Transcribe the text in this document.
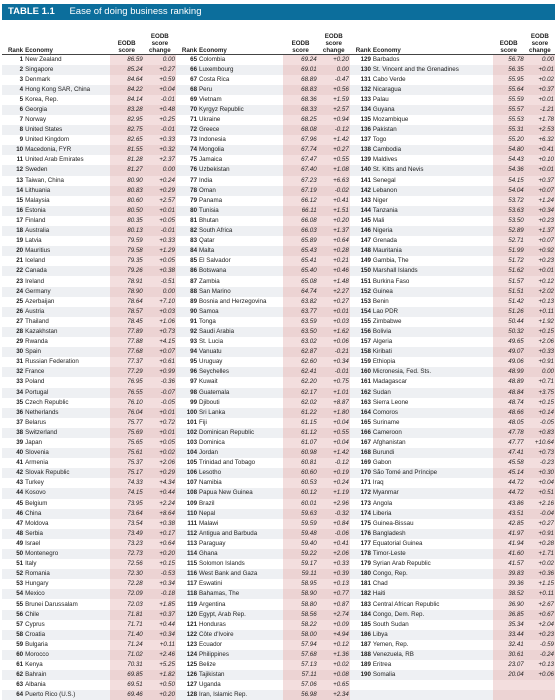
TABLE 1.1 Ease of doing business ranking
Rank	Economy	EODB score	EODB score change	Rank	Economy	EODB score	EODB score change	Rank	Economy	EODB score	EODB score change
1	New Zealand	86.59	0.00	65	Colombia	69.24	+0.20	129	Barbados	56.78	0.00
2	Singapore	85.24	+0.27	66	Luxembourg	69.01	0.00	130	St. Vincent and the Grenadines	56.35	+0.01
3	Denmark	84.64	+0.59	67	Costa Rica	68.89	-0.47	131	Cabo Verde	55.95	+0.02
4	Hong Kong SAR, China	84.22	+0.04	68	Peru	68.83	+0.56	132	Nicaragua	55.64	+0.37
5	Korea, Rep.	84.14	-0.01	69	Vietnam	68.36	+1.59	133	Palau	55.59	+0.01
6	Georgia	83.28	+0.48	70	Kyrgyz Republic	68.33	+2.57	134	Guyana	55.57	-1.21
7	Norway	82.95	+0.25	71	Ukraine	68.25	+0.94	135	Mozambique	55.53	+1.78
8	United States	82.75	-0.01	72	Greece	68.08	-0.12	136	Pakistan	55.31	+2.53
9	United Kingdom	82.65	+0.33	73	Indonesia	67.96	+1.42	137	Togo	55.20	+6.32
10	Macedonia, FYR	81.55	+0.32	74	Mongolia	67.74	+0.27	138	Cambodia	54.80	+0.41
11	United Arab Emirates	81.28	+2.37	75	Jamaica	67.47	+0.55	139	Maldives	54.43	+0.10
12	Sweden	81.27	0.00	76	Uzbekistan	67.40	+1.08	140	St. Kitts and Nevis	54.36	+0.01
13	Taiwan, China	80.90	+0.24	77	India	67.23	+6.63	141	Senegal	54.15	+0.37
14	Lithuania	80.83	+0.29	78	Oman	67.19	-0.02	142	Lebanon	54.04	+0.07
15	Malaysia	80.60	+2.57	79	Panama	66.12	+0.41	143	Niger	53.72	+1.24
16	Estonia	80.50	+0.01	80	Tunisia	66.11	+1.51	144	Tanzania	53.63	+0.34
17	Finland	80.35	+0.05	81	Bhutan	66.08	+0.20	145	Mali	53.50	+0.23
18	Australia	80.13	-0.01	82	South Africa	66.03	+1.37	146	Nigeria	52.89	+1.37
19	Latvia	79.59	+0.33	83	Qatar	65.89	+0.64	147	Grenada	52.71	+0.07
20	Mauritius	79.58	+1.29	84	Malta	65.43	+0.28	148	Mauritania	51.99	+0.92
21	Iceland	79.35	+0.05	85	El Salvador	65.41	+0.21	149	Gambia, The	51.72	+0.23
22	Canada	79.26	+0.38	86	Botswana	65.40	+0.46	150	Marshall Islands	51.62	+0.01
23	Ireland	78.91	-0.51	87	Zambia	65.08	+1.48	151	Burkina Faso	51.57	+0.12
24	Germany	78.90	0.00	88	San Marino	64.74	+2.27	152	Guinea	51.51	+2.02
25	Azerbaijan	78.64	+7.10	89	Bosnia and Herzegovina	63.82	+0.27	153	Benin	51.42	+0.13
26	Austria	78.57	+0.03	90	Samoa	63.77	+0.01	154	Lao PDR	51.26	+0.11
27	Thailand	78.45	+1.06	91	Tonga	63.59	+0.03	155	Zimbabwe	50.44	+1.92
28	Kazakhstan	77.89	+0.73	92	Saudi Arabia	63.50	+1.62	156	Bolivia	50.32	+0.15
29	Rwanda	77.88	+4.15	93	St. Lucia	63.02	+0.06	157	Algeria	49.65	+2.06
30	Spain	77.68	+0.07	94	Vanuatu	62.87	-0.21	158	Kiribati	49.07	+0.33
31	Russian Federation	77.37	+0.61	95	Uruguay	62.60	+0.34	159	Ethiopia	49.06	+0.91
32	France	77.29	+0.99	96	Seychelles	62.41	-0.01	160	Micronesia, Fed. Sts.	48.99	0.00
33	Poland	76.95	-0.36	97	Kuwait	62.20	+0.75	161	Madagascar	48.89	+0.71
34	Portugal	76.55	-0.07	98	Guatemala	62.17	+1.01	162	Sudan	48.84	+3.75
35	Czech Republic	76.10	-0.05	99	Djibouti	62.02	+8.87	163	Sierra Leone	48.74	+0.15
36	Netherlands	76.04	+0.01	100	Sri Lanka	61.22	+1.80	164	Comoros	48.66	+0.14
37	Belarus	75.77	+0.72	101	Fiji	61.15	+0.04	165	Suriname	48.05	-0.05
38	Switzerland	75.69	+0.01	102	Dominican Republic	61.12	+0.55	166	Cameroon	47.78	+0.83
39	Japan	75.65	+0.05	103	Dominica	61.07	+0.04	167	Afghanistan	47.77	+10.64
40	Slovenia	75.61	+0.02	104	Jordan	60.98	+1.42	168	Burundi	47.41	+0.73
41	Armenia	75.37	+2.06	105	Trinidad and Tobago	60.81	-0.12	169	Gabon	45.58	-0.23
42	Slovak Republic	75.17	+0.29	106	Lesotho	60.60	+0.19	170	São Tomé and Príncipe	45.14	+0.30
43	Turkey	74.33	+4.34	107	Namibia	60.53	+0.24	171	Iraq	44.72	+0.04
44	Kosovo	74.15	+0.44	108	Papua New Guinea	60.12	+1.19	172	Myanmar	44.72	+0.51
45	Belgium	73.95	+2.24	109	Brazil	60.01	+2.96	173	Angola	43.86	+2.16
46	China	73.64	+8.64	110	Nepal	59.63	-0.32	174	Liberia	43.51	-0.04
47	Moldova	73.54	+0.38	111	Malawi	59.59	+0.84	175	Guinea-Bissau	42.85	+0.27
48	Serbia	73.49	+0.17	112	Antigua and Barbuda	59.48	-0.06	176	Bangladesh	41.97	+0.91
49	Israel	73.23	+0.64	113	Paraguay	59.40	+0.41	177	Equatorial Guinea	41.94	+0.28
50	Montenegro	72.73	+0.20	114	Ghana	59.22	+2.06	178	Timor-Leste	41.60	+1.71
51	Italy	72.56	+0.15	115	Solomon Islands	59.17	+0.33	179	Syrian Arab Republic	41.57	+0.02
52	Romania	72.30	-0.53	116	West Bank and Gaza	59.11	+0.39	180	Congo, Rep.	39.83	+0.36
53	Hungary	72.28	+0.34	117	Eswatini	58.95	+0.13	181	Chad	39.36	+1.15
54	Mexico	72.09	-0.18	118	Bahamas, The	58.90	+0.77	182	Haiti	38.52	+0.11
55	Brunei Darussalam	72.03	+1.85	119	Argentina	58.80	+0.87	183	Central African Republic	36.90	+2.67
56	Chile	71.81	+0.37	120	Egypt, Arab Rep.	58.56	+2.74	184	Congo, Dem. Rep.	36.85	+0.67
57	Cyprus	71.71	+0.44	121	Honduras	58.22	+0.09	185	South Sudan	35.34	+2.04
58	Croatia	71.40	+0.34	122	Côte d'Ivoire	58.00	+4.94	186	Libya	33.44	+0.23
59	Bulgaria	71.24	+0.11	123	Ecuador	57.94	+0.12	187	Yemen, Rep.	32.41	-0.59
60	Morocco	71.02	+2.46	124	Philippines	57.68	+1.36	188	Venezuela, RB	30.61	-0.24
61	Kenya	70.31	+5.25	125	Belize	57.13	+0.02	189	Eritrea	23.07	+0.13
62	Bahrain	69.85	+1.82	126	Tajikistan	57.11	+0.08	190	Somalia	20.04	+0.06
63	Albania	69.51	+0.50	127	Uganda	57.06	+0.65				
64	Puerto Rico (U.S.)	69.46	+0.20	128	Iran, Islamic Rep.	56.98	+2.34				
